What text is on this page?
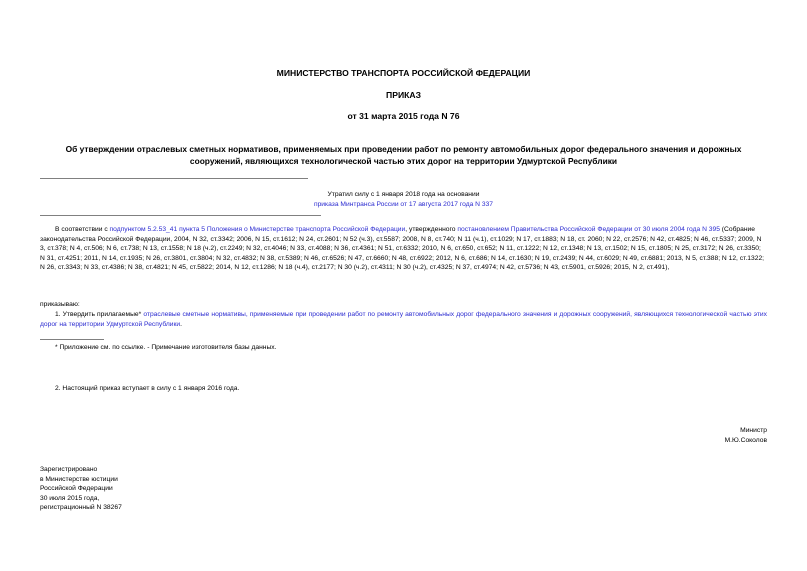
МИНИСТЕРСТВО ТРАНСПОРТА РОССИЙСКОЙ ФЕДЕРАЦИИ
ПРИКАЗ
от 31 марта 2015 года N 76
Об утверждении отраслевых сметных нормативов, применяемых при проведении работ по ремонту автомобильных дорог федерального значения и дорожных сооружений, являющихся технологической частью этих дорог на территории Удмуртской Республики
Утратил силу с 1 января 2018 года на основании
приказа Минтранса России от 17 августа 2017 года N 337

В соответствии с подпунктом 5.2.53_41 пункта 5 Положения о Министерстве транспорта Российской Федерации, утвержденного постановлением Правительства Российской Федерации от 30 июля 2004 года N 395 (Собрание законодательства Российской Федерации, 2004, N 32, ст.3342; 2006, N 15, ст.1612; N 24, ст.2601; N 52 (ч.3), ст.5587; 2008, N 8, ст.740; N 11 (ч.1), ст.1029; N 17, ст.1883; N 18, ст. 2060; N 22, ст.2576; N 42, ст.4825; N 46, ст.5337; 2009, N 3, ст.378; N 4, ст.506; N 6, ст.738; N 13, ст.1558; N 18 (ч.2), ст.2249; N 32, ст.4046; N 33, ст.4088; N 36, ст.4361; N 51, ст.6332; 2010, N 6, ст.650, ст.652; N 11, ст.1222; N 12, ст.1348; N 13, ст.1502; N 15, ст.1805; N 25, ст.3172; N 26, ст.3350; N 31, ст.4251; 2011, N 14, ст.1935; N 26, ст.3801, ст.3804; N 32, ст.4832; N 38, ст.5389; N 46, ст.6526; N 47, ст.6660; N 48, ст.6922; 2012, N 6, ст.686; N 14, ст.1630; N 19, ст.2439; N 44, ст.6029; N 49, ст.6881; 2013, N 5, ст.388; N 12, ст.1322; N 26, ст.3343; N 33, ст.4386; N 38, ст.4821; N 45, ст.5822; 2014, N 12, ст.1286; N 18 (ч.4), ст.2177; N 30 (ч.2), ст.4311; N 30 (ч.2), ст.4325; N 37, ст.4974; N 42, ст.5736; N 43, ст.5901, ст.5926; 2015, N 2, ст.491),

приказываю:

1. Утвердить прилагаемые* отраслевые сметные нормативы, применяемые при проведении работ по ремонту автомобильных дорог федерального значения и дорожных сооружений, являющихся технологической частью этих дорог на территории Удмуртской Республики.

* Приложение см. по ссылке. - Примечание изготовителя базы данных.
2. Настоящий приказ вступает в силу с 1 января 2016 года.
Министр
М.Ю.Соколов
Зарегистрировано
в Министерстве юстиции
Российской Федерации
30 июля 2015 года,
регистрационный N 38267
